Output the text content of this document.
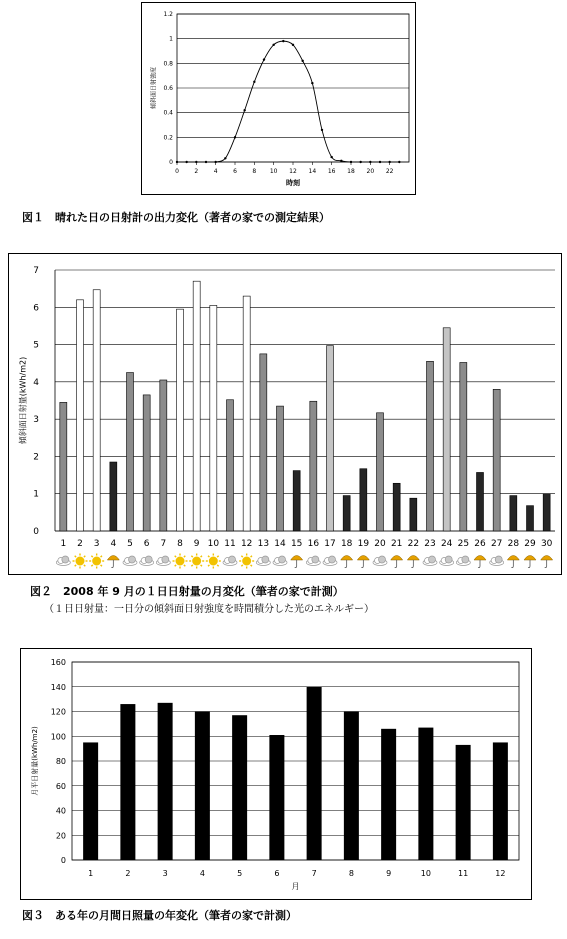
0
0.2
0.4
0.6
0.8
1
1.2
0	2	4	6	8 10 12 14 16 18 20 22
時刻
傾斜面日射強度
図１　晴れた日の日射計の出力変化（著者の家での測定結果）
0
1
2
3
4
5
6
7
1 2 3 4 5 6 7 8 9 10 11 12 13 14 15 16 17 18 19 20 21 22 23 24 25 26 27 28 29 30
傾斜面日射量(kWh/m2)
図２　2008 年 9 月の１日日射量の月変化（筆者の家で計測）
（１日日射量：一日分の傾斜面日射強度を時間積分した光のエネルギー）
0
20
40
60
80
100
120
140
160
1	2	3	4	5	6	7	8	9	10	11	12
月
月平日射量(kWh/m2)
図３　ある年の月間日照量の年変化（筆者の家で計測）
